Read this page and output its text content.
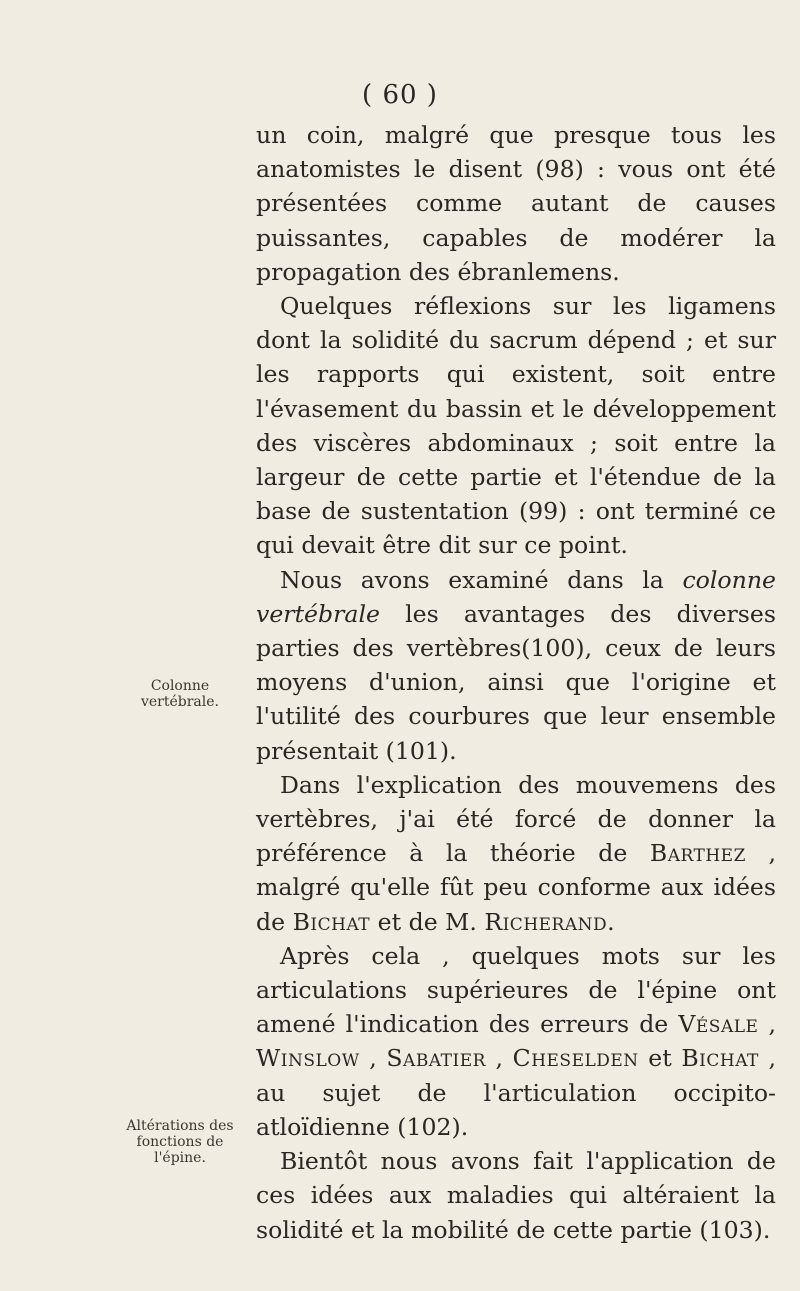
( 60 )
Colonne vertébrale.
Altérations des fonctions de l'épine.

un coin, malgré que presque tous les anatomistes le disent (98) : vous ont été présentées comme autant de causes puissantes, capables de modérer la propagation des ébranlemens.

Quelques réflexions sur les ligamens dont la solidité du sacrum dépend ; et sur les rapports qui existent, soit entre l'évasement du bassin et le développement des viscères abdominaux ; soit entre la largeur de cette partie et l'étendue de la base de sustentation (99) : ont terminé ce qui devait être dit sur ce point.

Nous avons examiné dans la colonne vertébrale les avantages des diverses parties des vertèbres(100), ceux de leurs moyens d'union, ainsi que l'origine et l'utilité des courbures que leur ensemble présentait (101).

Dans l'explication des mouvemens des vertèbres, j'ai été forcé de donner la préférence à la théorie de Barthez , malgré qu'elle fût peu conforme aux idées de Bichat et de M. Richerand.

Après cela , quelques mots sur les articulations supérieures de l'épine ont amené l'indication des erreurs de Vésale , Winslow , Sabatier , Cheselden et Bichat , au sujet de l'articulation occipito-atloïdienne (102).

Bientôt nous avons fait l'application de ces idées aux maladies qui altéraient la solidité et la mobilité de cette partie (103).
